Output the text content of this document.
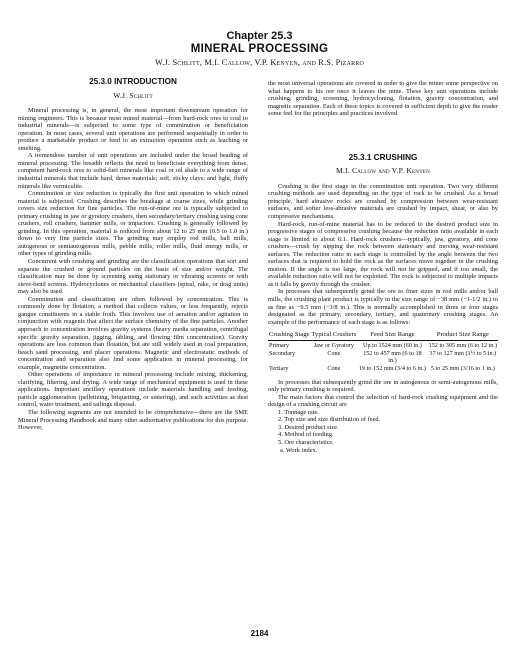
Chapter 25.3
MINERAL PROCESSING
W.J. Schlitt, M.I. Callow, V.P. Kenyen, and R.S. Pizarro
25.3.0 INTRODUCTION
W.J. Schlitt

Mineral processing is, in general, the most important downstream operation for mining engineers. This is because most mined material—from hard-rock ores to coal to industrial minerals—is subjected to some type of comminution or beneficiation operation. In most cases, several unit operations are performed sequentially in order to produce a marketable product or feed to an extraction operation such as leaching or smelting.

A tremendous number of unit operations are included under the broad heading of mineral processing. The breadth reflects the need to beneficiate everything from dense, competent hard-rock ores to solid-fuel minerals like coal or oil shale to a wide range of industrial minerals that include hard, dense materials; soft, sticky clays; and light, fluffy minerals like vermiculite.

Comminution or size reduction is typically the first unit operation to which mined material is subjected. Crushing describes the breakage at coarse sizes, while grinding covers size reduction for fine particles. The run-of-mine ore is typically subjected to primary crushing in jaw or gyratory crushers, then secondary/tertiary crushing using cone crushers, roll crushers, hammer mills, or impactors. Crushing is generally followed by grinding. In this operation, material is reduced from about 12 to 25 mm (0.5 to 1.0 in.) down to very fine particle sizes. The grinding may employ rod mills, ball mills, autogenous or semiautogenous mills, pebble mills, roller mills, fluid energy mills, or other types of grinding mills.

Concurrent with crushing and grinding are the classification operations that sort and separate the crushed or ground particles on the basis of size and/or weight. The classification may be done by screening using stationary or vibrating screens or with sieve-bend screens. Hydrocyclones or mechanical classifiers (spiral, rake, or drag units) may also be used.

Comminution and classification are often followed by concentration. This is commonly done by flotation, a method that collects values, or less frequently, rejects gangue constituents in a stable froth. This involves use of aeration and/or agitation in conjunction with reagents that affect the surface chemistry of the fine particles. Another approach to concentration involves gravity systems (heavy media separation, centrifugal specific gravity separation, jigging, tabling, and flowing film concentration). Gravity operations are less common than flotation, but are still widely used in coal preparation, beach sand processing, and placer operations. Magnetic and electrostatic methods of concentration and separation also find some application in mineral processing, for example, magnetite concentration.

Other operations of importance in mineral processing include mixing, thickening, clarifying, filtering, and drying. A wide range of mechanical equipment is used in these applications. Important ancillary operations include materials handling and feeding, particle agglomeration (pelletizing, briquetting, or sintering), and such activities as dust control, water treatment, and tailings disposal.

The following segments are not intended to be comprehensive—there are the SME Mineral Processing Handbook and many other authoritative publications for this purpose. However,

the most universal operations are covered in order to give the miner some perspective on what happens to his ore once it leaves the mine. These key unit operations include crushing, grinding, screening, hydrocycloning, flotation, gravity concentration, and magnetic separation. Each of these topics is covered in sufficient depth to give the reader some feel for the principles and practices involved.

25.3.1 CRUSHING
M.I. Callow and V.P. Kenyen

Crushing is the first stage in the comminution unit operation. Two very different crushing methods are used depending on the type of rock to be crushed. As a broad principle, hard abrasive rocks are crushed by compression between wear-resistant surfaces, and softer less-abrasive materials are crushed by impact, shear, or also by compressive mechanisms.

Hard-rock, run-of-mine material has to be reduced to the desired product size in progressive stages of compressive crushing because the reduction ratio available in each stage is limited to about 6:1. Hard-rock crushers—typically, jaw, gyratory, and cone crushers—crush by nipping the rock between stationary and moving wear-resistant surfaces. The reduction ratio in each stage is controlled by the angle between the two surfaces that is required to hold the rock as the surfaces move together in the crushing motion. If the angle is too large, the rock will not be gripped, and if too small, the available reduction ratio will not be exploited. The rock is subjected to multiple impacts as it falls by gravity through the crusher.

In processes that subsequently grind the ore to finer sizes in rod mills and/or ball mills, the crushing plant product is typically in the size range of −38 mm (−1-1/2 in.) to as fine as −9.5 mm (−3/8 in.). This is normally accomplished in three or four stages designated as the primary, secondary, tertiary, and quaternary crushing stages. An example of the performance of each stage is as follows:

Crushing Stage	Typical Crushers	Feed Size Range	Product Size Range
Primary	Jaw or Gyratory	Up to 1524 mm (60 in.)	152 to 305 mm (6 to 12 in.)
Secondary	Cone	152 to 457 mm (6 to 18 in.)	37 to 127 mm (1½ to 5 in.)
Tertiary	Cone	19 to 152 mm (3/4 to 6 in.)	5 to 25 mm (3/16 to 1 in.)

In processes that subsequently grind the ore in autogenous or semi-autogenous mills, only primary crushing is required.

The main factors that control the selection of hard-rock crushing equipment and the design of a crushing circuit are

1. Tonnage rate.
2. Top size and size distribution of feed.
3. Desired product size.
4. Method of feeding.
5. Ore characteristics.
a. Work index.
2184
